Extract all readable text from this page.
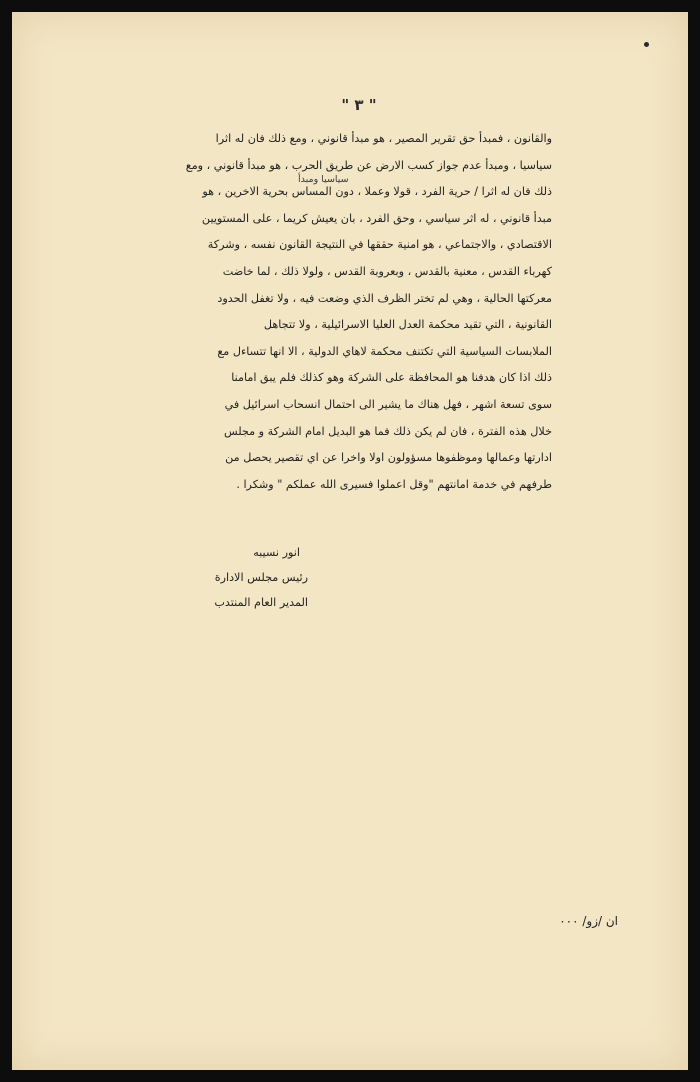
" ٣ "
سياسيا ومبدأ
والقانون ، فمبدأ حق تقرير المصير ، هو مبدأ قانوني ، ومع ذلك فان له اثرا
سياسيا ، ومبدأ عدم جواز كسب الارض عن طريق الحرب ، هو مبدأ قانوني ، ومع
ذلك فان له اثرا / حرية الفرد ، قولا وعملا ، دون المساس بحرية الاخرين ، هو
مبدأ قانوني ، له اثر سياسي ، وحق الفرد ، بان يعيش كريما ، على المستويين
الاقتصادي ، والاجتماعي ، هو امنية حققها في النتيجة القانون نفسه ، وشركة
كهرباء القدس ، معنية بالقدس ، وبعروبة القدس ، ولولا ذلك ، لما خاضت
معركتها الحالية ، وهي لم تختر الظرف الذي وضعت فيه ، ولا تغفل الحدود
القانونية ، التي تقيد محكمة العدل العليا الاسرائيلية ، ولا تتجاهل
الملابسات السياسية التي تكتنف محكمة لاهاي الدولية ، الا انها تتساءل مع
ذلك اذا كان هدفنا هو المحافظة على الشركة وهو كذلك فلم يبق امامنا
سوى تسعة اشهر ، فهل هناك ما يشير الى احتمال انسحاب اسرائيل في
خلال هذه الفترة ، فان لم يكن ذلك فما هو البديل امام الشركة و مجلس
ادارتها وعمالها وموظفوها مسؤولون اولا واخرا عن اي تقصير يحصل من
طرفهم في خدمة امانتهم "وقل اعملوا فسيرى الله عملكم " وشكرا .
انور نسيبه
رئيس مجلس الادارة
المدير العام المنتدب
ان /زو/ ٠٠٠
